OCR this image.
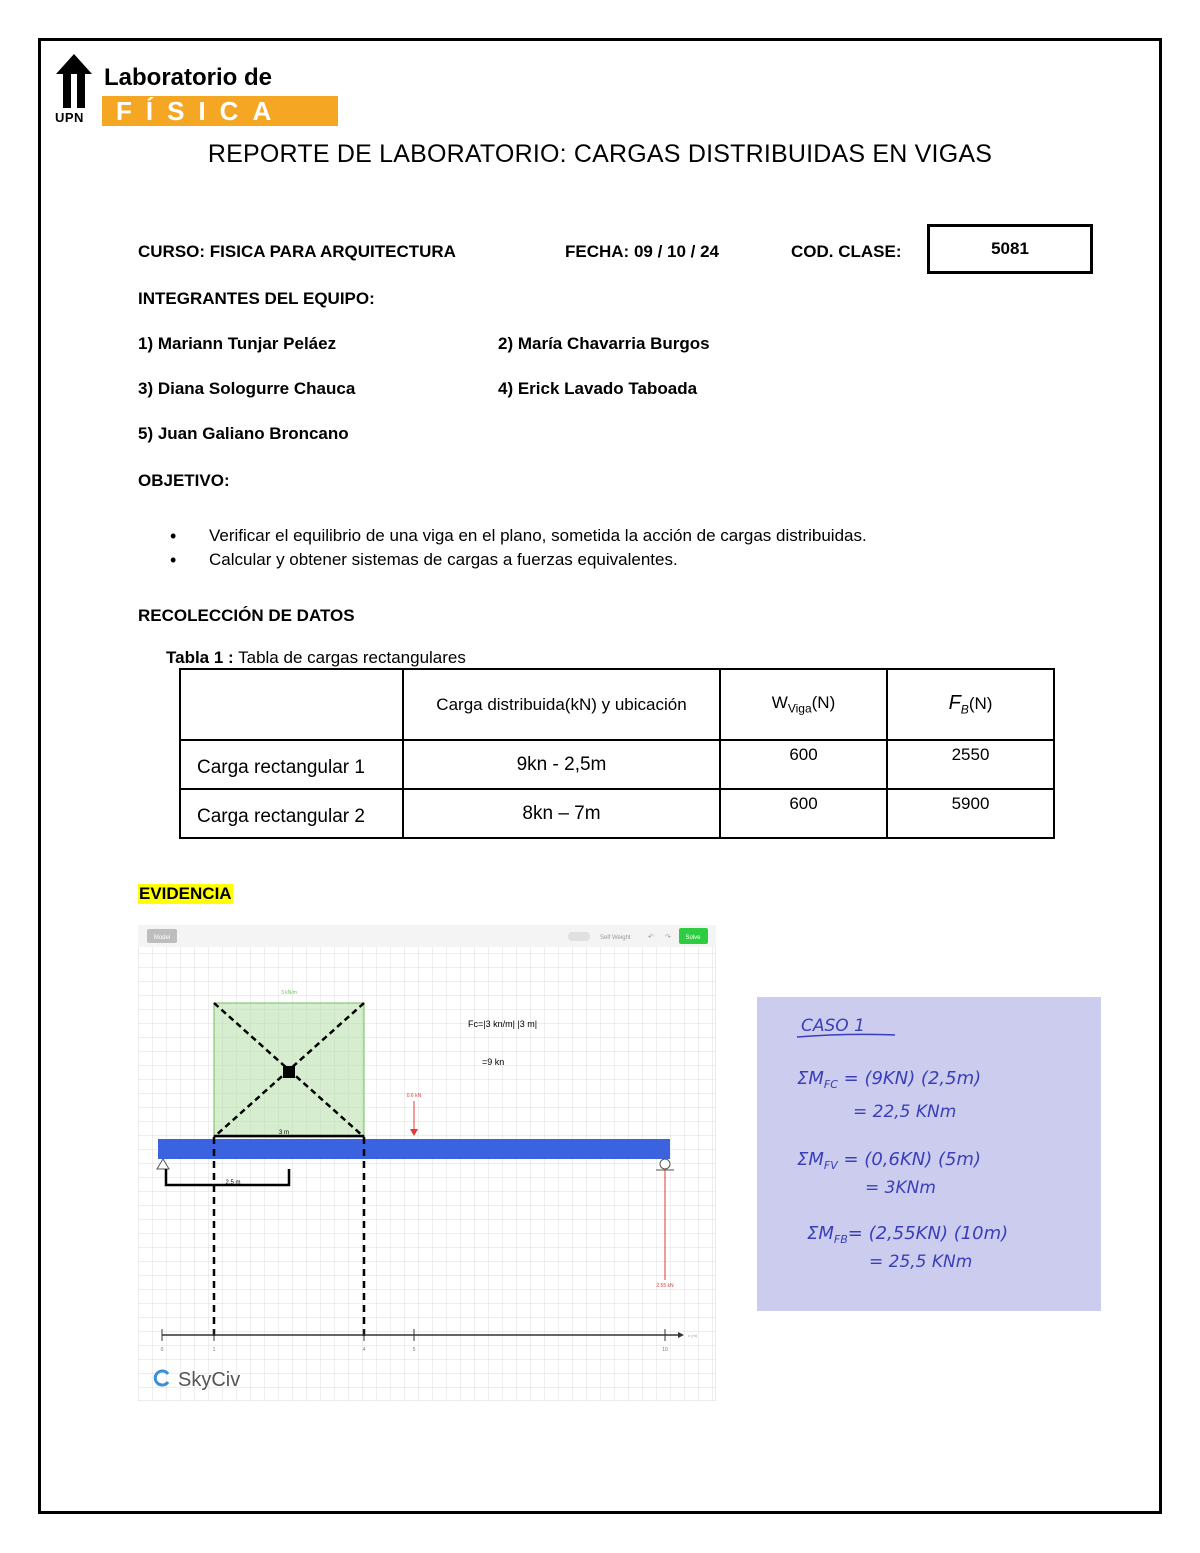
UPN
Laboratorio de
FÍSICA
REPORTE DE LABORATORIO: CARGAS DISTRIBUIDAS EN VIGAS
CURSO: FISICA PARA ARQUITECTURA	FECHA: 09 / 10 / 24	COD. CLASE:	5081
INTEGRANTES DEL EQUIPO:
1) Mariann Tunjar Peláez	2) María Chavarria Burgos
3) Diana Sologurre Chauca	4) Erick Lavado Taboada
5) Juan Galiano Broncano
OBJETIVO:
• Verificar el equilibrio de una viga en el plano, sometida la acción de cargas distribuidas.
• Calcular y obtener sistemas de cargas a fuerzas equivalentes.
RECOLECCIÓN DE DATOS
Tabla 1 : Tabla de cargas rectangulares
	Carga distribuida(kN) y ubicación	$W_{Viga}(N)$	$F_B(N)$
Carga rectangular 1	9kn - 2,5m	600	2550
Carga rectangular 2	8kn – 7m	600	5900
EVIDENCIA
Model	Self Weight ↶ ↷ Solve
3 kN/m
3 m
Fc=|3 kn/m| |3 m|
=9 kn
0.6 kN
2.55 kN
2.5 m
x (m)
0	1	4	5	10
SkyCiv
CASO 1
$ƩM_{FC} = (9KN)$ (2,5m)
= 22,5 KNm
$ƩM_{FV} = (0,6KN)$ (5m)
= 3KNm
$ƩM_{FB}= (2,55KN)$ (10m)
= 25,5 KNm
